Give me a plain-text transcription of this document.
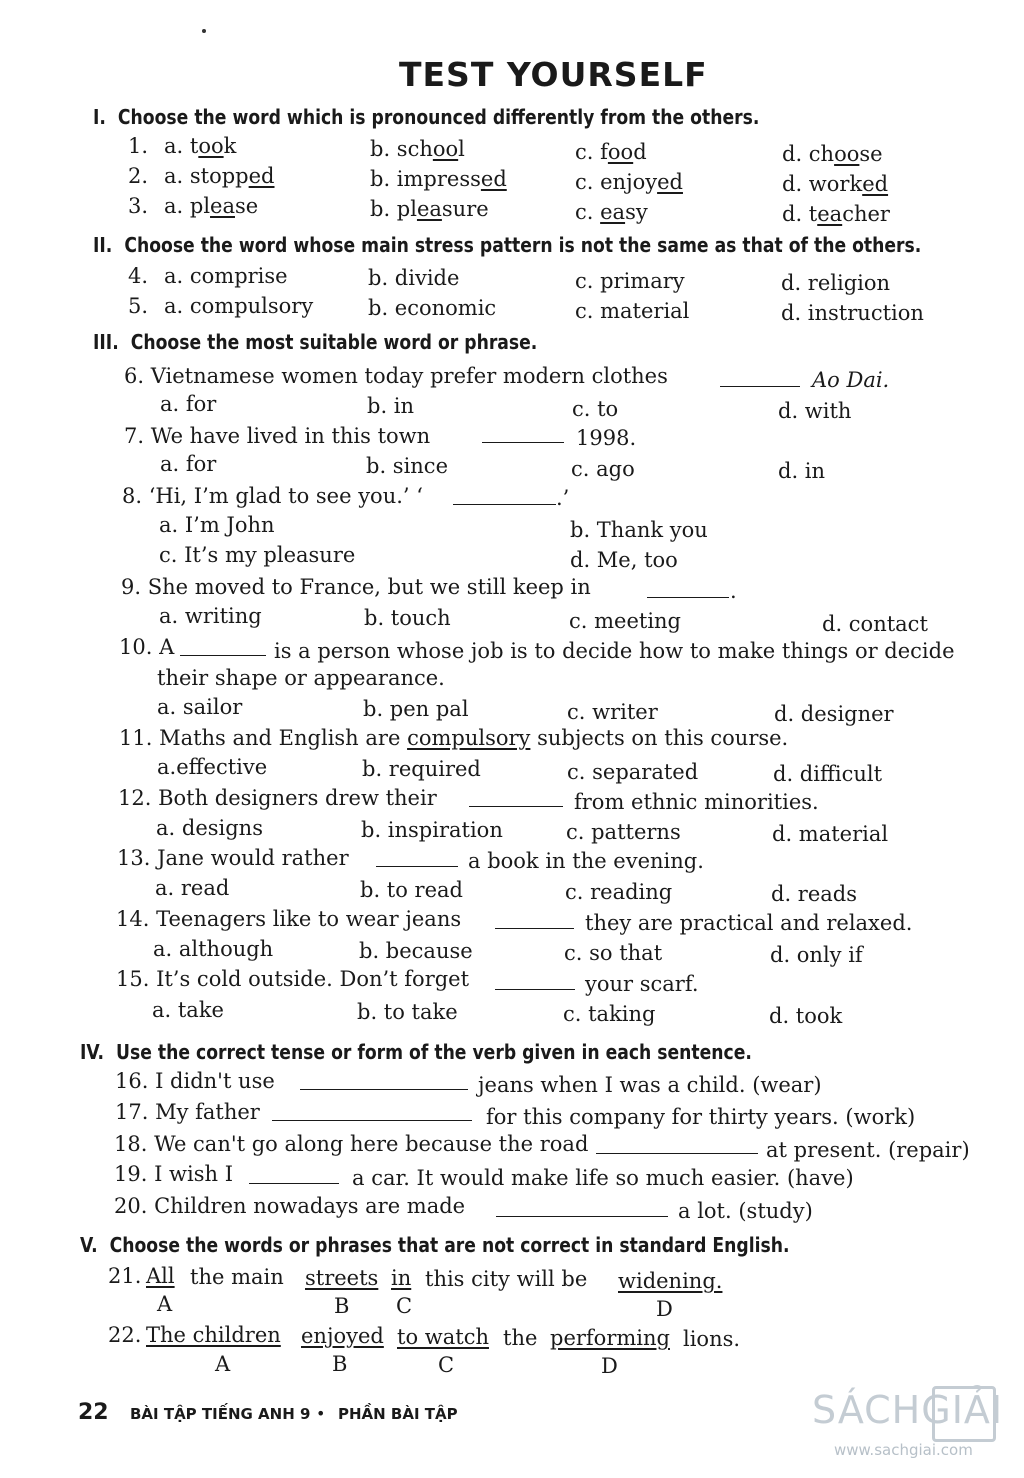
TEST YOURSELF
I. Choose the word which is pronounced differently from the others.
1. a. took	b. school	c. food	d. choose
2. a. stopped	b. impressed	c. enjoyed	d. worked
3. a. please	b. pleasure	c. easy	d. teacher
II. Choose the word whose main stress pattern is not the same as that of the others.
4. a. comprise	b. divide	c. primary	d. religion
5. a. compulsory	b. economic	c. material	d. instruction
III. Choose the most suitable word or phrase.
6. Vietnamese women today prefer modern clothes	Ao Dai.
a. for	b. in	c. to	d. with
7. We have lived in this town	1998.
a. for	b. since	c. ago	d. in
8. ‘Hi, I’m glad to see you.’ ‘	.’
a. I’m John	b. Thank you
c. It’s my pleasure	d. Me, too
9. She moved to France, but we still keep in	.
a. writing	b. touch	c. meeting	d. contact
10. A	is a person whose job is to decide how to make things or decide
their shape or appearance.
a. sailor	b. pen pal	c. writer	d. designer
11. Maths and English are compulsory subjects on this course.
a.effective	b. required	c. separated	d. difficult
12. Both designers drew their	from ethnic minorities.
a. designs	b. inspiration	c. patterns	d. material
13. Jane would rather	a book in the evening.
a. read	b. to read	c. reading	d. reads
14. Teenagers like to wear jeans	they are practical and relaxed.
a. although	b. because	c. so that	d. only if
15. It’s cold outside. Don’t forget	your scarf.
a. take	b. to take	c. taking	d. took
IV. Use the correct tense or form of the verb given in each sentence.
16. I didn't use	jeans when I was a child. (wear)
17. My father	for this company for thirty years. (work)
18. We can't go along here because the road	at present. (repair)
19. I wish I	a car. It would make life so much easier. (have)
20. Children nowadays are made	a lot. (study)
V. Choose the words or phrases that are not correct in standard English.
21. All the main streets in this city will be widening.
A	B C	D
22. The children enjoyed to watch the performing lions.
A	B	C	D
22 BÀI TẬP TIẾNG ANH 9 • PHẦN BÀI TẬP	SÁCHGIẢI
www.sachgiai.com
